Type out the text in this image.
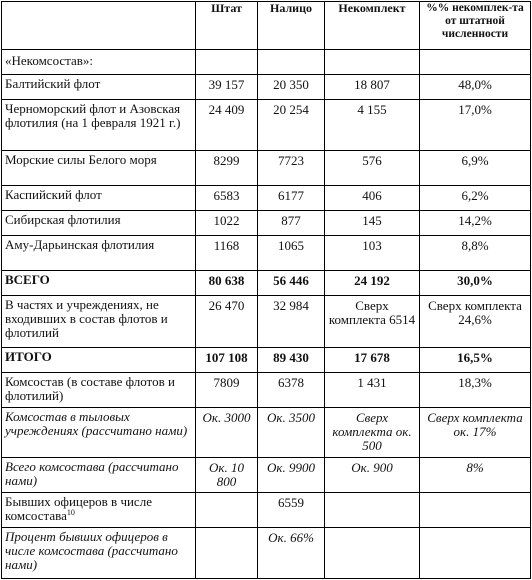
	Штат	Налицо	Некомплект	%% некомплек-та от штатной численности
«Некомсостав»:				
Балтийский флот	39 157	20 350	18 807	48,0%
Черноморский флот и Азовская флотилия (на 1 февраля 1921 г.)	24 409	20 254	4 155	17,0%
Морские силы Белого моря	8299	7723	576	6,9%
Каспийский флот	6583	6177	406	6,2%
Сибирская флотилия	1022	877	145	14,2%
Аму-Дарьинская флотилия	1168	1065	103	8,8%
ВСЕГО	80 638	56 446	24 192	30,0%
В частях и учреждениях, не входивших в состав флотов и флотилий	26 470	32 984	Сверх комплекта 6514	Сверх комплекта 24,6%
ИТОГО	107 108	89 430	17 678	16,5%
Комсостав (в составе флотов и флотилий)	7809	6378	1 431	18,3%
Комсостав в тыловых учреждениях (рассчитано нами)	Ок. 3000	Ок. 3500	Сверх комплекта ок. 500	Сверх комплекта ок. 17%
Всего комсостава (рассчитано нами)	Ок. 10 800	Ок. 9900	Ок. 900	8%
Бывших офицеров в числе комсостава$^{10}$		6559		
Процент бывших офицеров в числе комсостава (рассчитано нами)		Ок. 66%		
